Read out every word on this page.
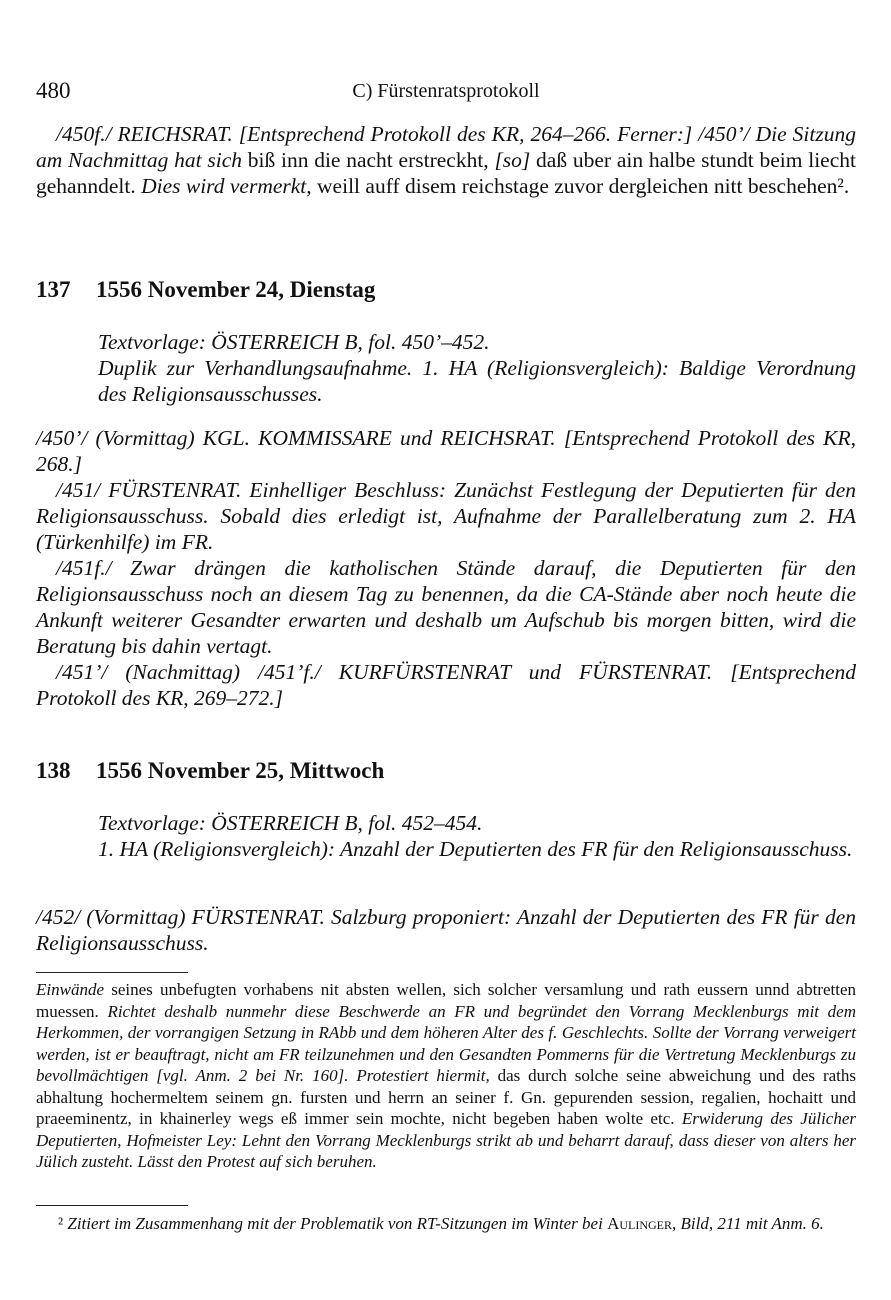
480	C) Fürstenratsprotokoll

/450f./ REICHSRAT. [Entsprechend Protokoll des KR, 264–266. Ferner:] /450’/ Die Sitzung am Nachmittag hat sich biß inn die nacht erstreckht, [so] daß uber ain halbe stundt beim liecht gehanndelt. Dies wird vermerkt, weill auff disem reichstage zuvor dergleichen nitt beschehen².

137 1556 November 24, Dienstag

Textvorlage: ÖSTERREICH B, fol. 450’–452.

Duplik zur Verhandlungsaufnahme. 1. HA (Religionsvergleich): Baldige Verordnung des Religionsausschusses.

/450’/ (Vormittag) KGL. KOMMISSARE und REICHSRAT. [Entsprechend Protokoll des KR, 268.]

/451/ FÜRSTENRAT. Einhelliger Beschluss: Zunächst Festlegung der Deputierten für den Religionsausschuss. Sobald dies erledigt ist, Aufnahme der Parallelberatung zum 2. HA (Türkenhilfe) im FR.

/451f./ Zwar drängen die katholischen Stände darauf, die Deputierten für den Religionsausschuss noch an diesem Tag zu benennen, da die CA-Stände aber noch heute die Ankunft weiterer Gesandter erwarten und deshalb um Aufschub bis morgen bitten, wird die Beratung bis dahin vertagt.

/451’/ (Nachmittag) /451’f./ KURFÜRSTENRAT und FÜRSTENRAT. [Entsprechend Protokoll des KR, 269–272.]

138 1556 November 25, Mittwoch

Textvorlage: ÖSTERREICH B, fol. 452–454.

1. HA (Religionsvergleich): Anzahl der Deputierten des FR für den Religionsausschuss.

/452/ (Vormittag) FÜRSTENRAT. Salzburg proponiert: Anzahl der Deputierten des FR für den Religionsausschuss.

Einwände seines unbefugten vorhabens nit absten wellen, sich solcher versamlung und rath eussern unnd abtretten muessen. Richtet deshalb nunmehr diese Beschwerde an FR und begründet den Vorrang Mecklenburgs mit dem Herkommen, der vorrangigen Setzung in RAbb und dem höheren Alter des f. Geschlechts. Sollte der Vorrang verweigert werden, ist er beauftragt, nicht am FR teilzunehmen und den Gesandten Pommerns für die Vertretung Mecklenburgs zu bevollmächtigen [vgl. Anm. 2 bei Nr. 160]. Protestiert hiermit, das durch solche seine abweichung und des raths abhaltung hochermeltem seinem gn. fursten und herrn an seiner f. Gn. gepurenden session, regalien, hochaitt und praeeminentz, in khainerley wegs eß immer sein mochte, nicht begeben haben wolte etc. Erwiderung des Jülicher Deputierten, Hofmeister Ley: Lehnt den Vorrang Mecklenburgs strikt ab und beharrt darauf, dass dieser von alters her Jülich zusteht. Lässt den Protest auf sich beruhen.

² Zitiert im Zusammenhang mit der Problematik von RT-Sitzungen im Winter bei Aulinger, Bild, 211 mit Anm. 6.
